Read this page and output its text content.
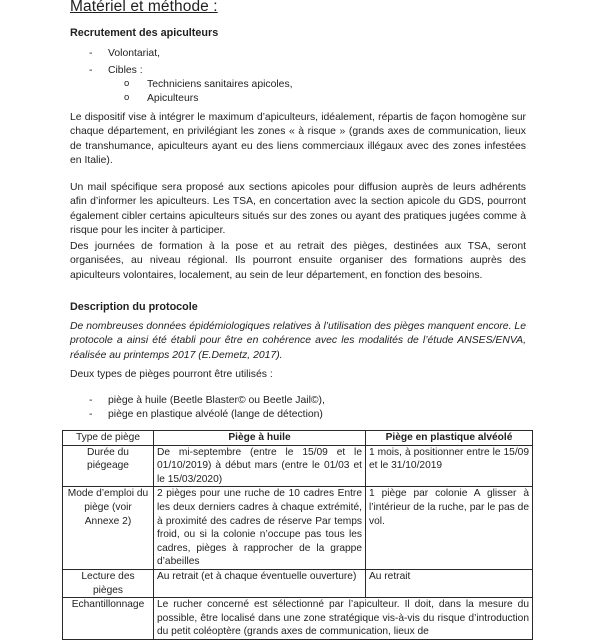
Matériel et méthode :
Recrutement des apiculteurs
- Volontariat,
- Cibles :
o Techniciens sanitaires apicoles,
o Apiculteurs
Le dispositif vise à intégrer le maximum d’apiculteurs, idéalement, répartis de façon homogène sur chaque département, en privilégiant les zones « à risque » (grands axes de communication, lieux de transhumance, apiculteurs ayant eu des liens commerciaux illégaux avec des zones infestées en Italie).
Un mail spécifique sera proposé aux sections apicoles pour diffusion auprès de leurs adhérents afin d’informer les apiculteurs. Les TSA, en concertation avec la section apicole du GDS, pourront également cibler certains apiculteurs situés sur des zones ou ayant des pratiques jugées comme à risque pour les inciter à participer.
Des journées de formation à la pose et au retrait des pièges, destinées aux TSA, seront organisées, au niveau régional. Ils pourront ensuite organiser des formations auprès des apiculteurs volontaires, localement, au sein de leur département, en fonction des besoins.
Description du protocole
De nombreuses données épidémiologiques relatives à l’utilisation des pièges manquent encore. Le protocole a ainsi été établi pour être en cohérence avec les modalités de l’étude ANSES/ENVA, réalisée au printemps 2017 (E.Demetz, 2017).
Deux types de pièges pourront être utilisés :
- piège à huile (Beetle Blaster© ou Beetle Jail©),
- piège en plastique alvéolé (lange de détection)
Type de piège	Piège à huile	Piège en plastique alvéolé
Durée du piégeage	De mi-septembre (entre le 15/09 et le 01/10/2019) à début mars (entre le 01/03 et le 15/03/2020)	1 mois, à positionner entre le 15/09 et le 31/10/2019
Mode d’emploi du piège (voir Annexe 2)	2 pièges pour une ruche de 10 cadres Entre les deux derniers cadres à chaque extrémité, à proximité des cadres de réserve Par temps froid, ou si la colonie n’occupe pas tous les cadres, pièges à rapprocher de la grappe d’abeilles	1 piège par colonie A glisser à l’intérieur de la ruche, par le pas de vol.
Lecture des pièges	Au retrait (et à chaque éventuelle ouverture)	Au retrait
Echantillonnage	Le rucher concerné est sélectionné par l’apiculteur. Il doit, dans la mesure du possible, être localisé dans une zone stratégique vis-à-vis du risque d’introduction du petit coléoptère (grands axes de communication, lieux de	
